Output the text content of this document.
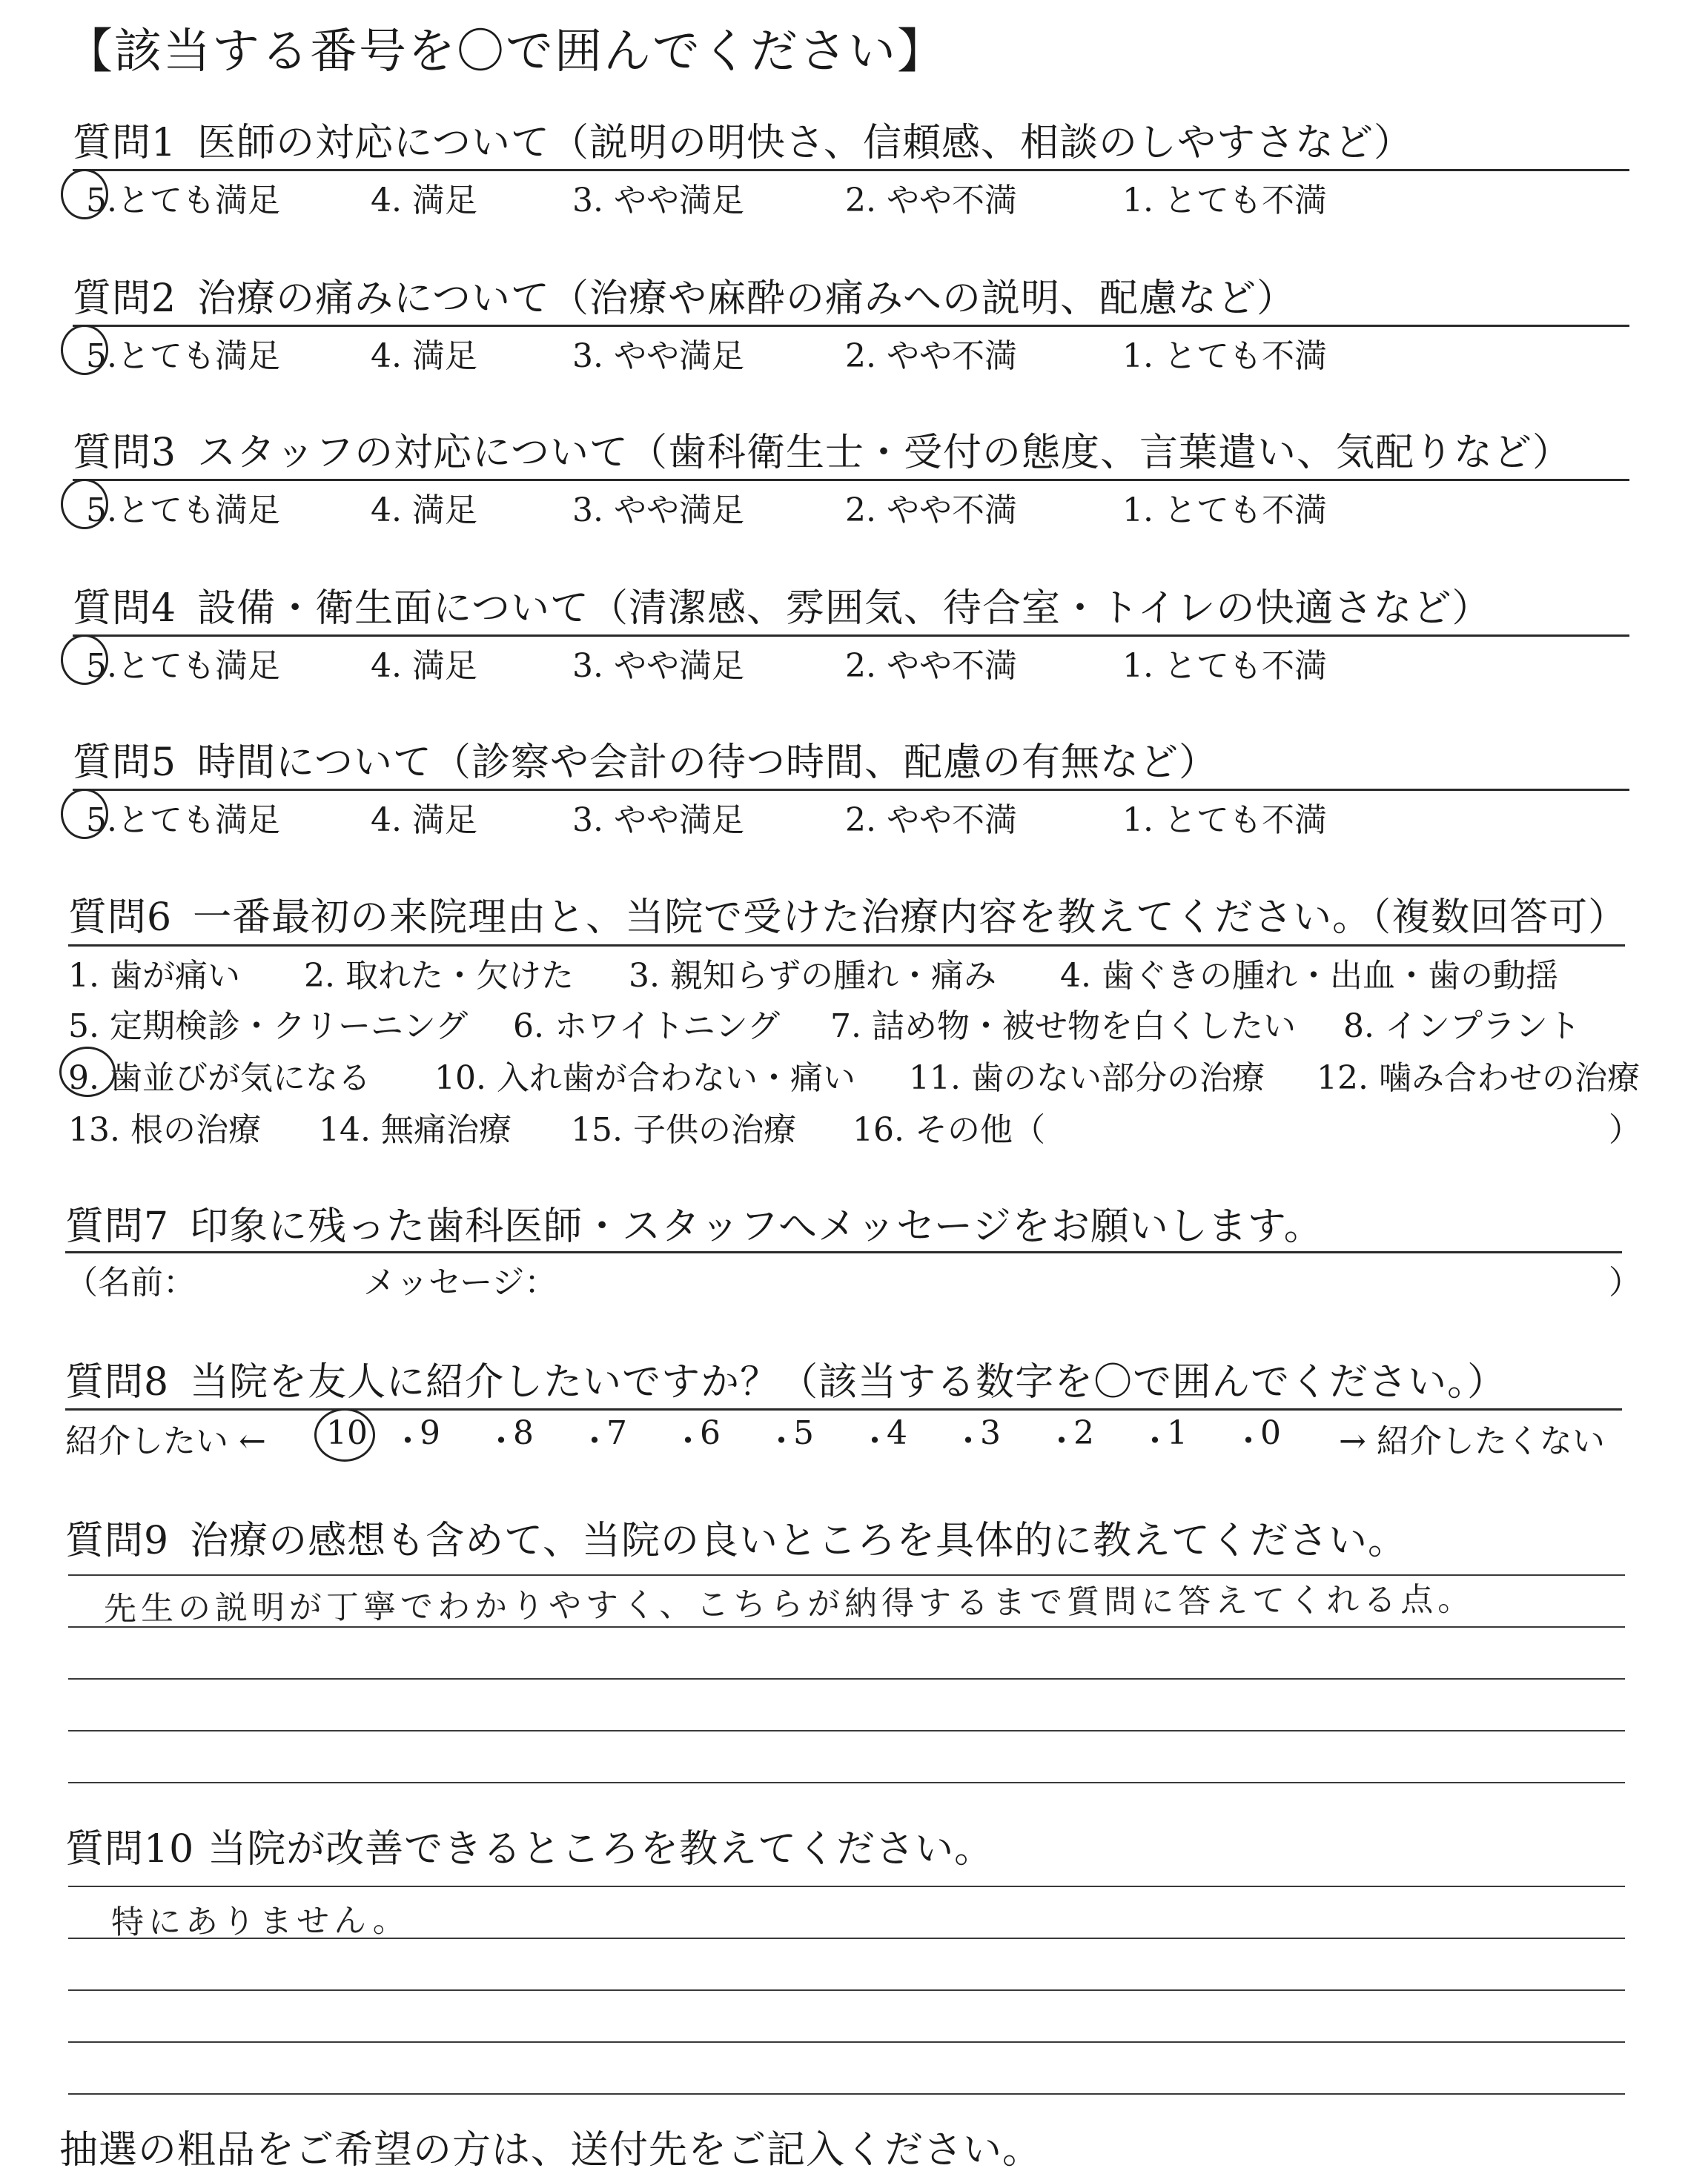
【該当する番号を〇で囲んでください】
質問1 医師の対応について（説明の明快さ、信頼感、相談のしやすさなど）
5.とても満足	4. 満足	3. やや満足	2. やや不満	1. とても不満
質問2 治療の痛みについて（治療や麻酔の痛みへの説明、配慮など）
5.とても満足	4. 満足	3. やや満足	2. やや不満	1. とても不満
質問3 スタッフの対応について（歯科衛生士・受付の態度、言葉遣い、気配りなど）
5.とても満足	4. 満足	3. やや満足	2. やや不満	1. とても不満
質問4 設備・衛生面について（清潔感、雰囲気、待合室・トイレの快適さなど）
5.とても満足	4. 満足	3. やや満足	2. やや不満	1. とても不満
質問5 時間について（診察や会計の待つ時間、配慮の有無など）
5.とても満足	4. 満足	3. やや満足	2. やや不満	1. とても不満
質問6 一番最初の来院理由と、当院で受けた治療内容を教えてください。（複数回答可）
1. 歯が痛い 2. 取れた・欠けた 3. 親知らずの腫れ・痛み 4. 歯ぐきの腫れ・出血・歯の動揺
5. 定期検診・クリーニング 6. ホワイトニング 7. 詰め物・被せ物を白くしたい 8. インプラント
9. 歯並びが気になる 10. 入れ歯が合わない・痛い 11. 歯のない部分の治療 12. 噛み合わせの治療
13. 根の治療 14. 無痛治療 15. 子供の治療 16. その他（	）
質問7 印象に残った歯科医師・スタッフへメッセージをお願いします。
（名前：	メッセージ：	）
質問8 当院を友人に紹介したいですか？（該当する数字を〇で囲んでください。）
紹介したい ← 10 ・
9 ・
8 ・
7 ・
6 ・
5 ・
4 ・
3 ・
2 ・
1 ・
0 → 紹介したくない
質問9 治療の感想も含めて、当院の良いところを具体的に教えてください。
先生の説明が丁寧でわかりやすく、こちらが納得するまで質問に答えてくれる点。
質問10 当院が改善できるところを教えてください。
特にありません。
抽選の粗品をご希望の方は、送付先をご記入ください。
